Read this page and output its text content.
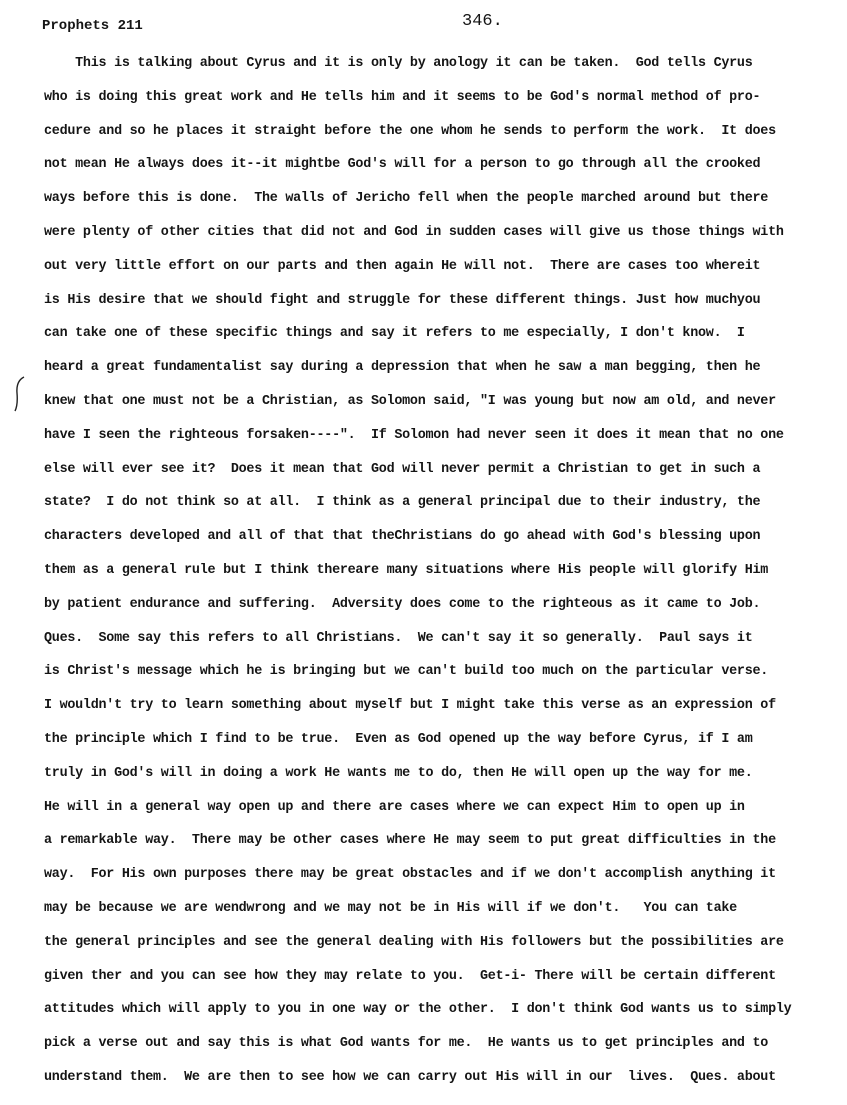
Prophets 211	346.
This is talking about Cyrus and it is only by anology it can be taken.  God tells Cyrus
who is doing this great work and He tells him and it seems to be God's normal method of pro-
cedure and so he places it straight before the one whom he sends to perform the work.  It does
not mean He always does it--it mightbe God's will for a person to go through all the crooked
ways before this is done.  The walls of Jericho fell when the people marched around but there
were plenty of other cities that did not and God in sudden cases will give us those things with
out very little effort on our parts and then again He will not.  There are cases too whereit
is His desire that we should fight and struggle for these different things. Just how muchyou
can take one of these specific things and say it refers to me especially, I don't know.  I
heard a great fundamentalist say during a depression that when he saw a man begging, then he
knew that one must not be a Christian, as Solomon said, "I was young but now am old, and never
have I seen the righteous forsaken----".  If Solomon had never seen it does it mean that no one
else will ever see it?  Does it mean that God will never permit a Christian to get in such a
state?  I do not think so at all.  I think as a general principal due to their industry, the
characters developed and all of that that theChristians do go ahead with God's blessing upon
them as a general rule but I think thereare many situations where His people will glorify Him
by patient endurance and suffering.  Adversity does come to the righteous as it came to Job.
Ques.  Some say this refers to all Christians.  We can't say it so generally.  Paul says it
is Christ's message which he is bringing but we can't build too much on the particular verse.
I wouldn't try to learn something about myself but I might take this verse as an expression of
the principle which I find to be true.  Even as God opened up the way before Cyrus, if I am
truly in God's will in doing a work He wants me to do, then He will open up the way for me.
He will in a general way open up and there are cases where we can expect Him to open up in
a remarkable way.  There may be other cases where He may seem to put great difficulties in the
way.  For His own purposes there may be great obstacles and if we don't accomplish anything it
may be because we are wendwrong and we may not be in His will if we don't.   You can take
the general principles and see the general dealing with His followers but the possibilities are
given ther and you can see how they may relate to you.  Get-i- There will be certain different
attitudes which will apply to you in one way or the other.  I don't think God wants us to simply
pick a verse out and say this is what God wants for me.  He wants us to get principles and to
understand them.  We are then to see how we can carry out His will in our  lives.  Ques. about
